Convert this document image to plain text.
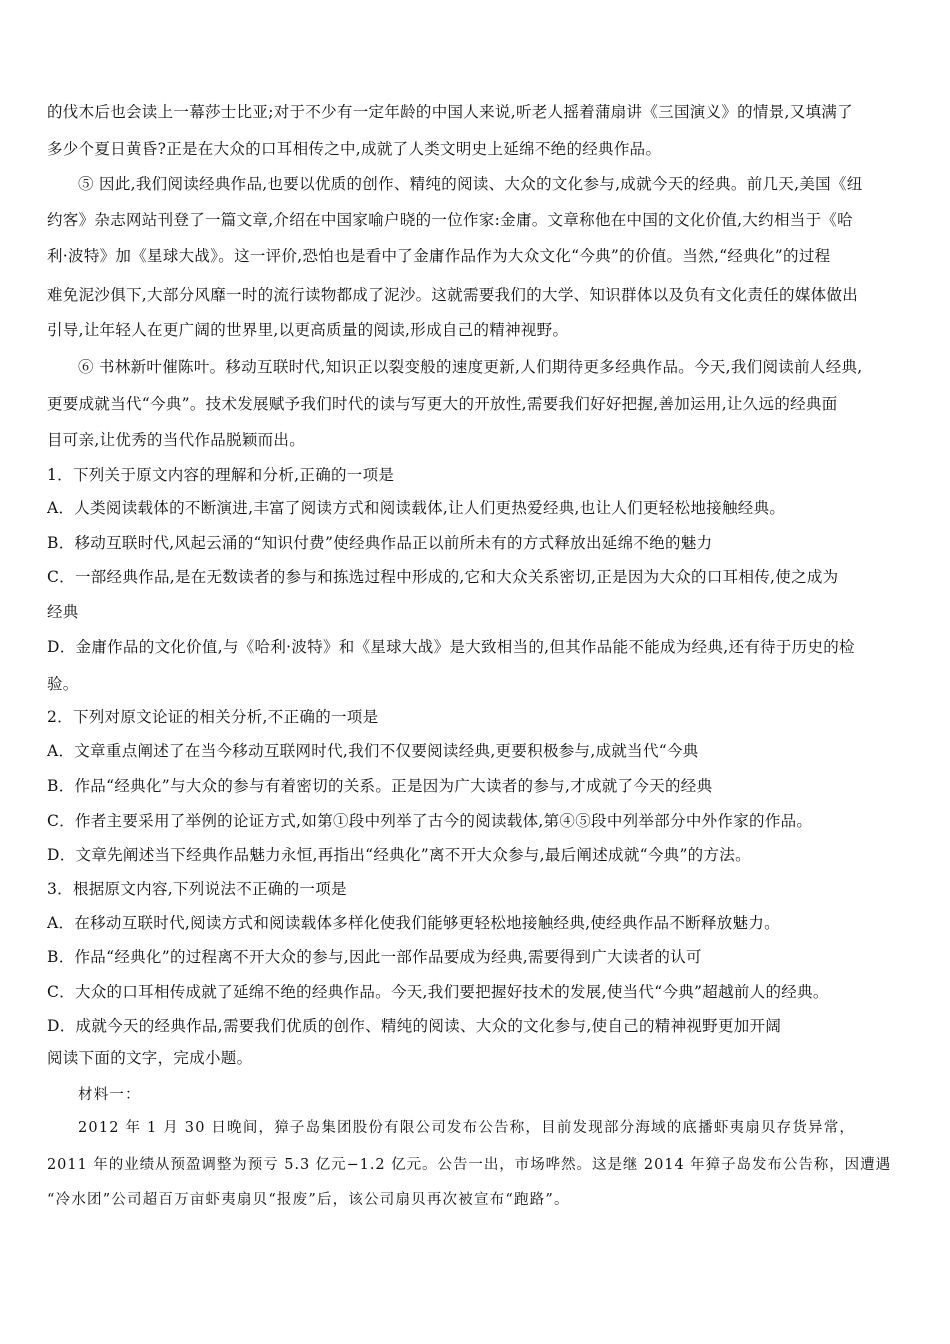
的伐木后也会读上一幕莎士比亚;对于不少有一定年龄的中国人来说,听老人摇着蒲扇讲《三国演义》的情景,又填满了
多少个夏日黄昏?正是在大众的口耳相传之中,成就了人类文明史上延绵不绝的经典作品。
⑤ 因此,我们阅读经典作品,也要以优质的创作、精纯的阅读、大众的文化参与,成就今天的经典。前几天,美国《纽
约客》杂志网站刊登了一篇文章,介绍在中国家喻户晓的一位作家:金庸。文章称他在中国的文化价值,大约相当于《哈
利·波特》加《星球大战》。这一评价,恐怕也是看中了金庸作品作为大众文化“今典”的价值。当然,“经典化”的过程
难免泥沙俱下,大部分风靡一时的流行读物都成了泥沙。这就需要我们的大学、知识群体以及负有文化责任的媒体做出
引导,让年轻人在更广阔的世界里,以更高质量的阅读,形成自己的精神视野。
⑥ 书林新叶催陈叶。移动互联时代,知识正以裂变般的速度更新,人们期待更多经典作品。今天,我们阅读前人经典,
更要成就当代“今典”。技术发展赋予我们时代的读与写更大的开放性,需要我们好好把握,善加运用,让久远的经典面
目可亲,让优秀的当代作品脱颖而出。
1．下列关于原文内容的理解和分析,正确的一项是
A．人类阅读载体的不断演进,丰富了阅读方式和阅读载体,让人们更热爱经典,也让人们更轻松地接触经典。
B．移动互联时代,风起云涌的“知识付费”使经典作品正以前所未有的方式释放出延绵不绝的魅力
C．一部经典作品,是在无数读者的参与和拣选过程中形成的,它和大众关系密切,正是因为大众的口耳相传,使之成为
经典
D．金庸作品的文化价值,与《哈利·波特》和《星球大战》是大致相当的,但其作品能不能成为经典,还有待于历史的检
验。
2．下列对原文论证的相关分析,不正确的一项是
A．文章重点阐述了在当今移动互联网时代,我们不仅要阅读经典,更要积极参与,成就当代“今典
B．作品“经典化”与大众的参与有着密切的关系。正是因为广大读者的参与,才成就了今天的经典
C．作者主要采用了举例的论证方式,如第①段中列举了古今的阅读载体,第④⑤段中列举部分中外作家的作品。
D．文章先阐述当下经典作品魅力永恒,再指出“经典化”离不开大众参与,最后阐述成就“今典”的方法。
3．根据原文内容,下列说法不正确的一项是
A．在移动互联时代,阅读方式和阅读载体多样化使我们能够更轻松地接触经典,使经典作品不断释放魅力。
B．作品“经典化”的过程离不开大众的参与,因此一部作品要成为经典,需要得到广大读者的认可
C．大众的口耳相传成就了延绵不绝的经典作品。今天,我们要把握好技术的发展,使当代“今典”超越前人的经典。
D．成就今天的经典作品,需要我们优质的创作、精纯的阅读、大众的文化参与,使自己的精神视野更加开阔
阅读下面的文字，完成小题。
材料一：
2012 年 1 月 30 日晚间，獐子岛集团股份有限公司发布公告称，目前发现部分海域的底播虾夷扇贝存货异常，
2011 年的业绩从预盈调整为预亏 5.3 亿元−1.2 亿元。公告一出，市场哗然。这是继 2014 年獐子岛发布公告称，因遭遇
“冷水团”公司超百万亩虾夷扇贝“报废”后，该公司扇贝再次被宣布“跑路”。
